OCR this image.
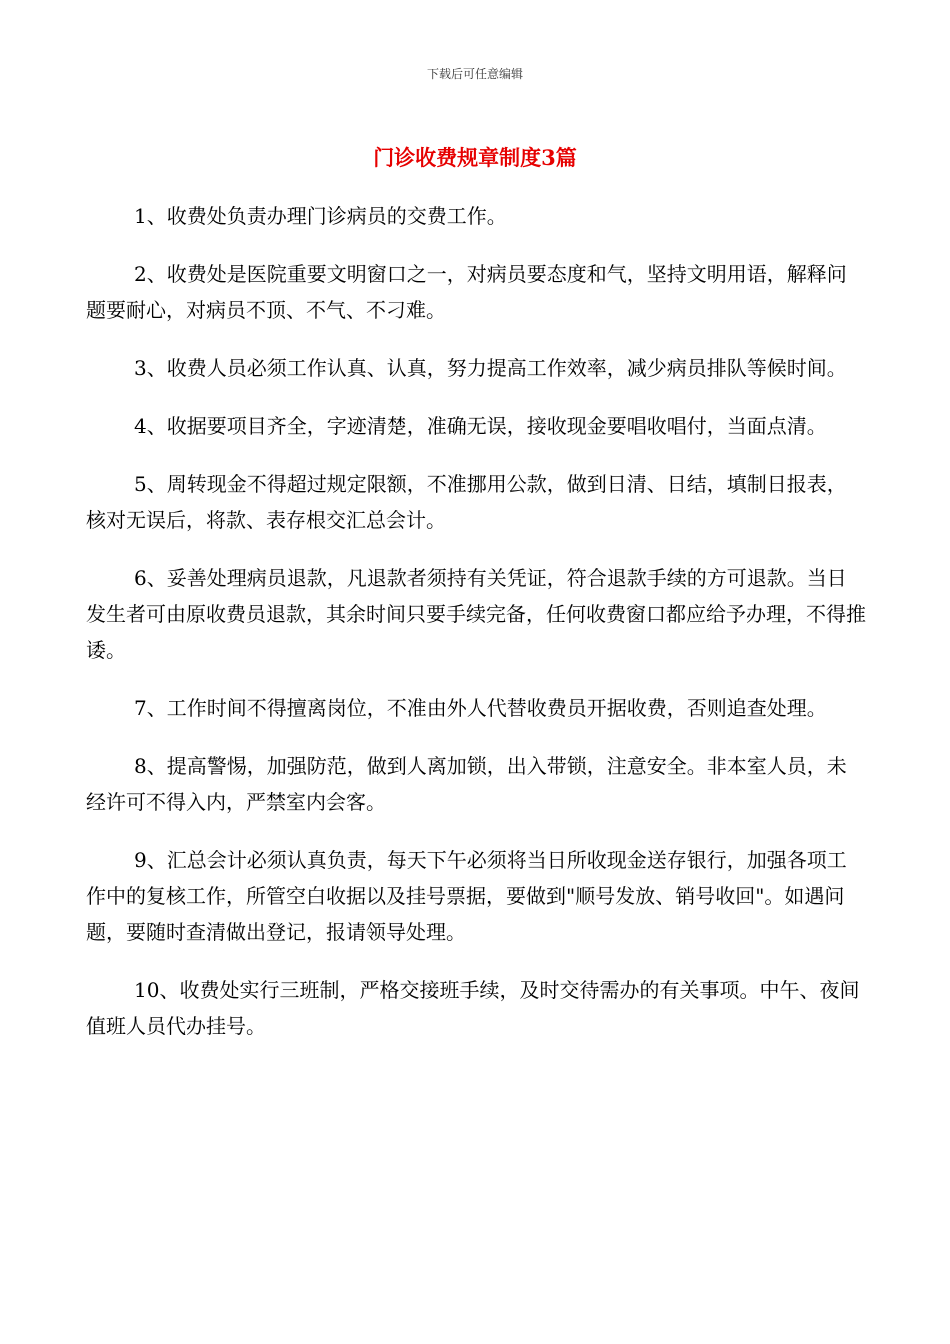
下载后可任意编辑
门诊收费规章制度3篇

1、收费处负责办理门诊病员的交费工作。

2、收费处是医院重要文明窗口之一，对病员要态度和气，坚持文明用语，解释问题要耐心，对病员不顶、不气、不刁难。

3、收费人员必须工作认真、认真，努力提高工作效率，减少病员排队等候时间。

4、收据要项目齐全，字迹清楚，准确无误，接收现金要唱收唱付，当面点清。

5、周转现金不得超过规定限额，不准挪用公款，做到日清、日结，填制日报表，核对无误后，将款、表存根交汇总会计。

6、妥善处理病员退款，凡退款者须持有关凭证，符合退款手续的方可退款。当日发生者可由原收费员退款，其余时间只要手续完备，任何收费窗口都应给予办理，不得推诿。

7、工作时间不得擅离岗位，不准由外人代替收费员开据收费，否则追查处理。

8、提高警惕，加强防范，做到人离加锁，出入带锁，注意安全。非本室人员，未经许可不得入内，严禁室内会客。

9、汇总会计必须认真负责，每天下午必须将当日所收现金送存银行，加强各项工作中的复核工作，所管空白收据以及挂号票据，要做到"顺号发放、销号收回"。如遇问题，要随时查清做出登记，报请领导处理。

10、收费处实行三班制，严格交接班手续，及时交待需办的有关事项。中午、夜间值班人员代办挂号。
